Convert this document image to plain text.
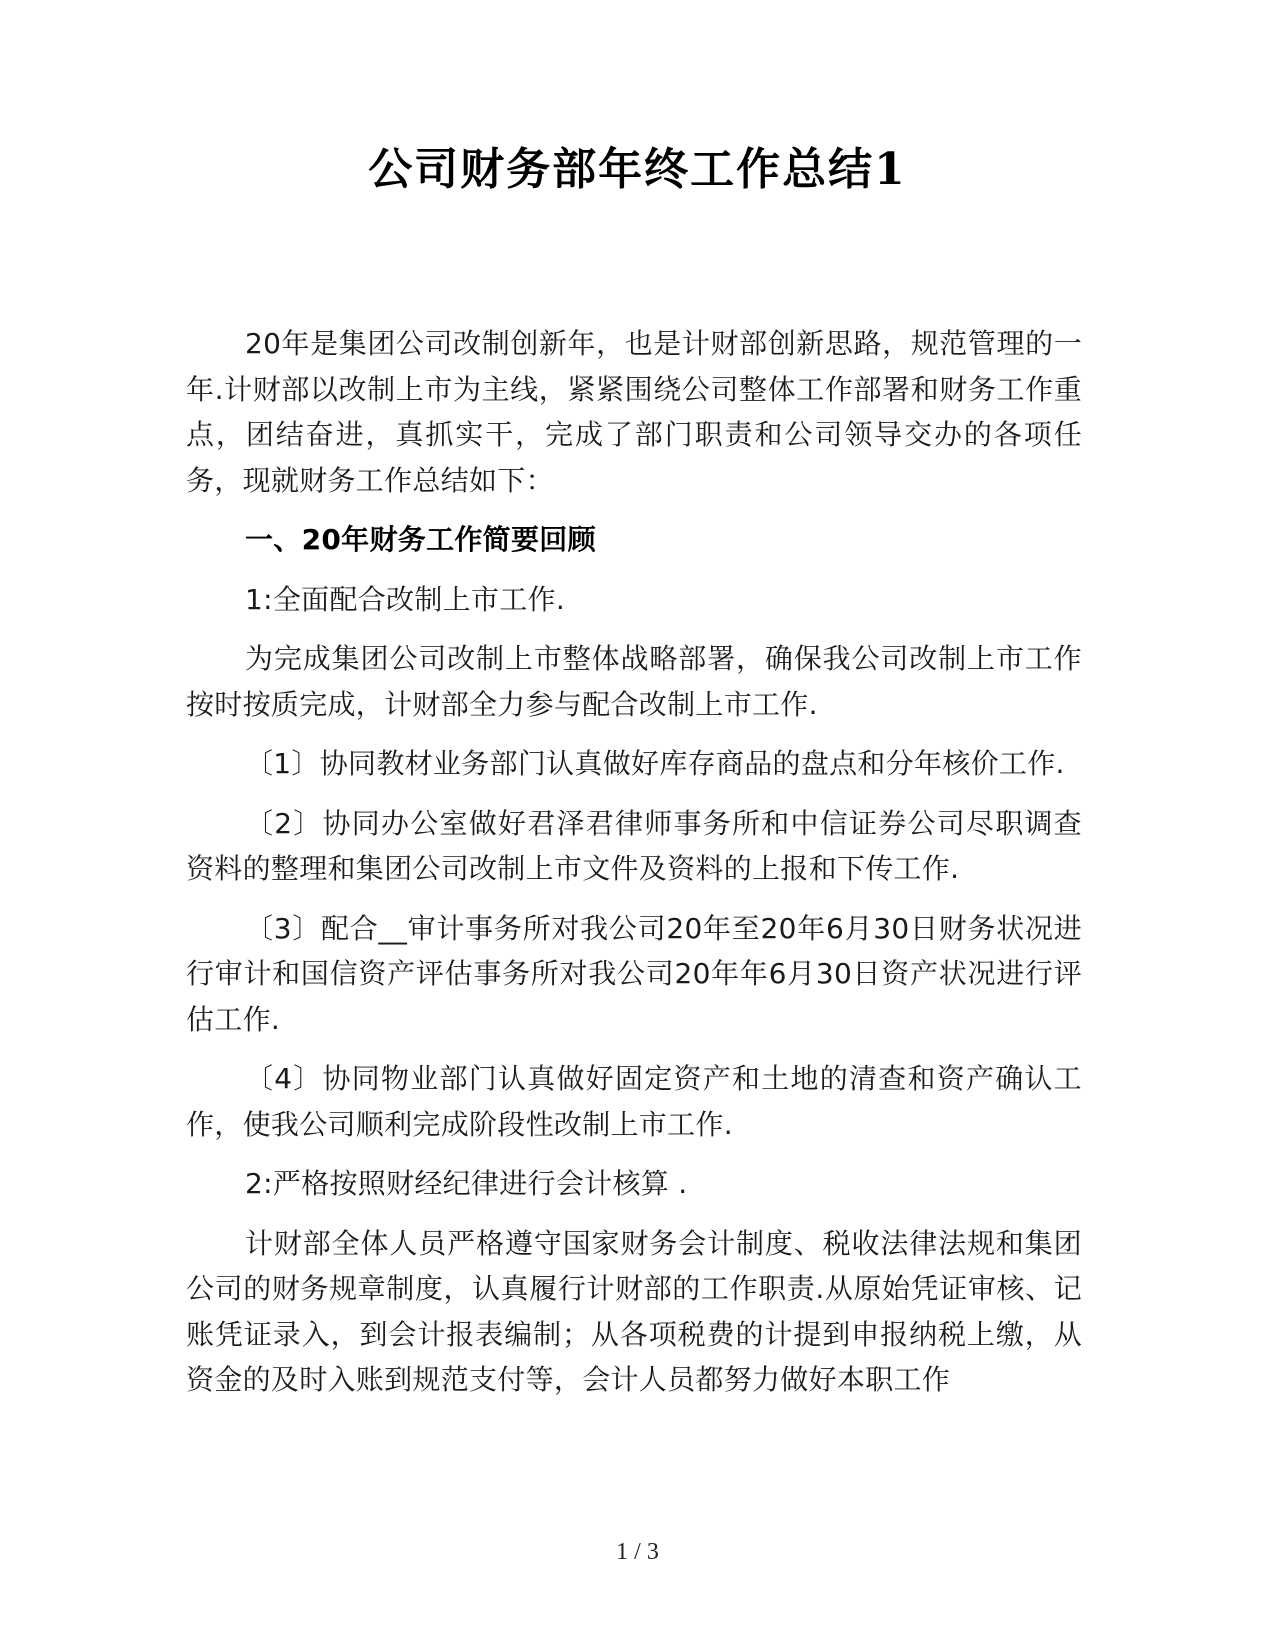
公司财务部年终工作总结1

20年是集团公司改制创新年，也是计财部创新思路，规范管理的一年.计财部以改制上市为主线，紧紧围绕公司整体工作部署和财务工作重点，团结奋进，真抓实干，完成了部门职责和公司领导交办的各项任务，现就财务工作总结如下：

一、20年财务工作简要回顾

1:全面配合改制上市工作.

为完成集团公司改制上市整体战略部署，确保我公司改制上市工作按时按质完成，计财部全力参与配合改制上市工作.

〔1〕协同教材业务部门认真做好库存商品的盘点和分年核价工作.

〔2〕协同办公室做好君泽君律师事务所和中信证券公司尽职调查资料的整理和集团公司改制上市文件及资料的上报和下传工作.

〔3〕配合__审计事务所对我公司20年至20年6月30日财务状况进行审计和国信资产评估事务所对我公司20年年6月30日资产状况进行评估工作.

〔4〕协同物业部门认真做好固定资产和土地的清查和资产确认工作，使我公司顺利完成阶段性改制上市工作.

2:严格按照财经纪律进行会计核算 .

计财部全体人员严格遵守国家财务会计制度、税收法律法规和集团公司的财务规章制度，认真履行计财部的工作职责.从原始凭证审核、记账凭证录入，到会计报表编制；从各项税费的计提到申报纳税上缴，从资金的及时入账到规范支付等，会计人员都努力做好本职工作

1 / 3
